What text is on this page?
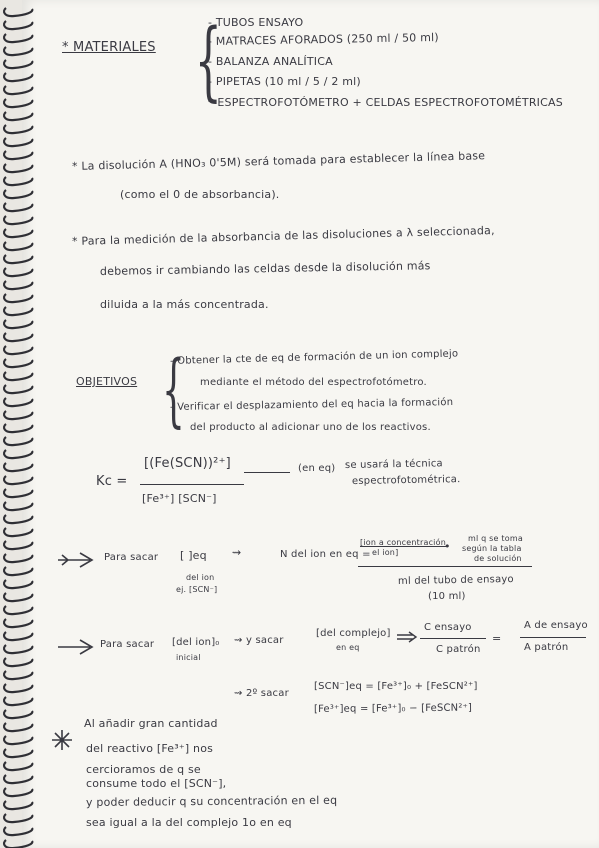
* MATERIALES {
- TUBOS ENSAYO
- MATRACES AFORADOS (250 ml / 50 ml)
- BALANZA ANALÍTICA
- PIPETAS (10 ml / 5 / 2 ml)
* ESPECTROFOTÓMETRO + CELDAS ESPECTROFOTOMÉTRICAS
* La disolución A (HNO₃ 0'5M) será tomada para establecer la línea base
(como el 0 de absorbancia).
* Para la medición de la absorbancia de las disoluciones a λ seleccionada,
debemos ir cambiando las celdas desde la disolución más
diluida a la más concentrada.
OBJETIVOS {
- Obtener la cte de eq de formación de un ion complejo
mediante el método del espectrofotómetro.
- Verificar el desplazamiento del eq hacia la formación
del producto al adicionar uno de los reactivos.
Kc =
[(Fe(SCN))²⁺]
[Fe³⁺] [SCN⁻]
(en eq) se usará la técnica
espectrofotométrica.
Para sacar [ ]eq
del ion
ej. [SCN⁻]
⇝	N del ion en eq =
[ion a concentración
el ion]	•
ml q se toma
según la tabla
de solución
ml del tubo de ensayo
(10 ml)
Para sacar [del ion]₀
inicial
⇝ y sacar
[del complejo]
en eq
C ensayo
C patrón
=
A de ensayo
A patrón
⇝ 2º sacar
[SCN⁻]eq = [Fe³⁺]₀ + [FeSCN²⁺]
[Fe³⁺]eq = [Fe³⁺]₀ − [FeSCN²⁺]
Al añadir gran cantidad
del reactivo [Fe³⁺] nos
cercioramos de q se
consume todo el [SCN⁻],
y poder deducir q su concentración en el eq
sea igual a la del complejo 1o en eq
